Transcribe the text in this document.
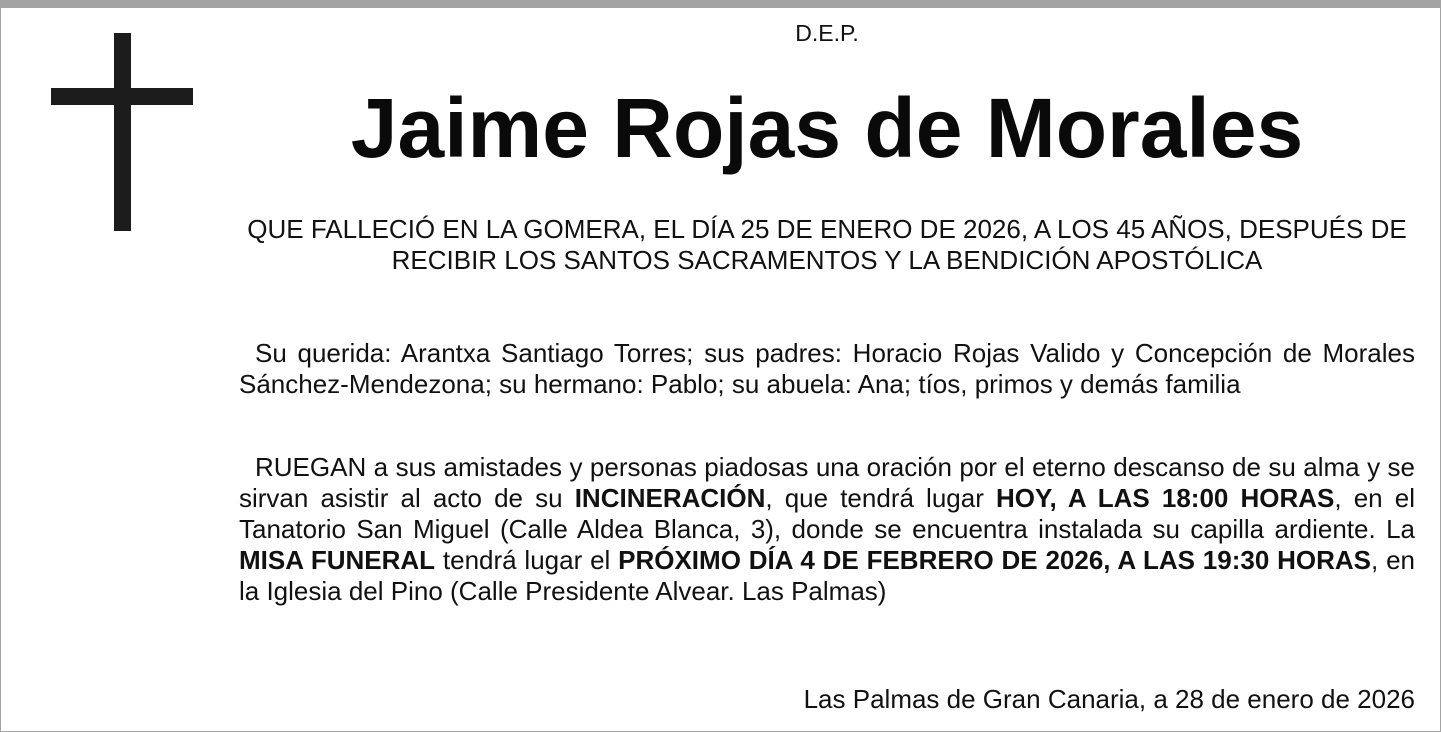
D.E.P.
Jaime Rojas de Morales
QUE FALLECIÓ EN LA GOMERA, EL DÍA 25 DE ENERO DE 2026, A LOS 45 AÑOS, DESPUÉS DE RECIBIR LOS SANTOS SACRAMENTOS Y LA BENDICIÓN APOSTÓLICA
Su querida: Arantxa Santiago Torres; sus padres: Horacio Rojas Valido y Concepción de Morales Sánchez-Mendezona; su hermano: Pablo; su abuela: Ana; tíos, primos y demás familia
RUEGAN a sus amistades y personas piadosas una oración por el eterno descanso de su alma y se sirvan asistir al acto de su INCINERACIÓN, que tendrá lugar HOY, A LAS 18:00 HORAS, en el Tanatorio San Miguel (Calle Aldea Blanca, 3), donde se encuentra instalada su capilla ardiente. La MISA FUNERAL tendrá lugar el PRÓXIMO DÍA 4 DE FEBRERO DE 2026, A LAS 19:30 HORAS, en la Iglesia del Pino (Calle Presidente Alvear. Las Palmas)
Las Palmas de Gran Canaria, a 28 de enero de 2026
